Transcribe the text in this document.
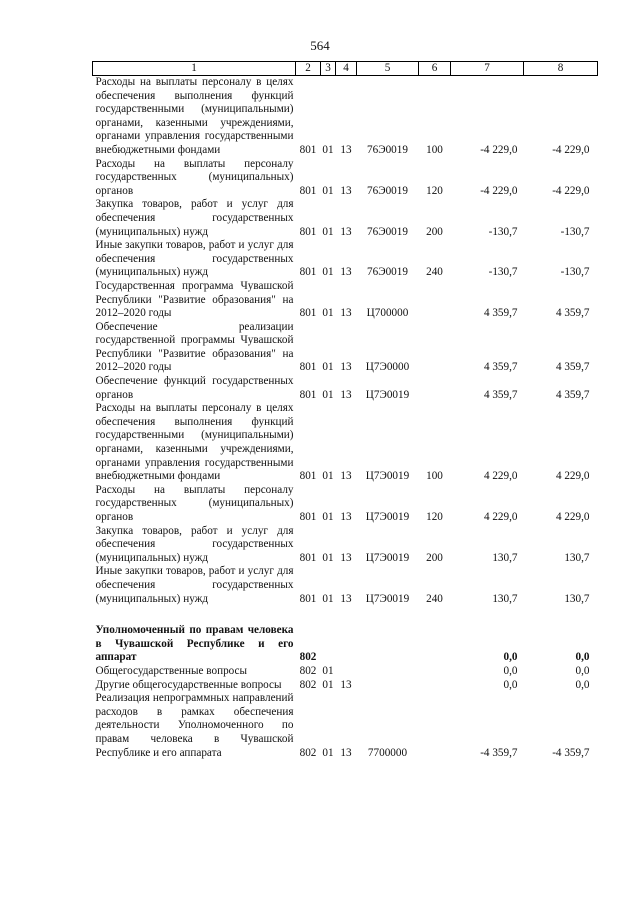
564
1	2	3	4	5	6	7	8
Расходы на выплаты персоналу в целях обеспечения выполнения функций государственными (муниципальными) органами, казенными учреждениями, органами управления государственными внебюджетными фондами	801	01	13	76Э0019	100	-4 229,0	-4 229,0
Расходы на выплаты персоналу государственных (муниципальных) органов	801	01	13	76Э0019	120	-4 229,0	-4 229,0
Закупка товаров, работ и услуг для обеспечения государственных (муниципальных) нужд	801	01	13	76Э0019	200	-130,7	-130,7
Иные закупки товаров, работ и услуг для обеспечения государственных (муниципальных) нужд	801	01	13	76Э0019	240	-130,7	-130,7
Государственная программа Чувашской Республики "Развитие образования" на 2012–2020 годы	801	01	13	Ц700000		4 359,7	4 359,7
Обеспечение реализации государственной программы Чувашской Республики "Развитие образования" на 2012–2020 годы	801	01	13	Ц7Э0000		4 359,7	4 359,7
Обеспечение функций государственных органов	801	01	13	Ц7Э0019		4 359,7	4 359,7
Расходы на выплаты персоналу в целях обеспечения выполнения функций государственными (муниципальными) органами, казенными учреждениями, органами управления государственными внебюджетными фондами	801	01	13	Ц7Э0019	100	4 229,0	4 229,0
Расходы на выплаты персоналу государственных (муниципальных) органов	801	01	13	Ц7Э0019	120	4 229,0	4 229,0
Закупка товаров, работ и услуг для обеспечения государственных (муниципальных) нужд	801	01	13	Ц7Э0019	200	130,7	130,7
Иные закупки товаров, работ и услуг для обеспечения государственных (муниципальных) нужд	801	01	13	Ц7Э0019	240	130,7	130,7

Уполномоченный по правам человека в Чувашской Республике и его аппарат	802					0,0	0,0
Общегосударственные вопросы	802	01				0,0	0,0
Другие общегосударственные вопросы	802	01	13			0,0	0,0
Реализация непрограммных направлений расходов в рамках обеспечения деятельности Уполномоченного по правам человека в Чувашской Республике и его аппарата	802	01	13	7700000		-4 359,7	-4 359,7
